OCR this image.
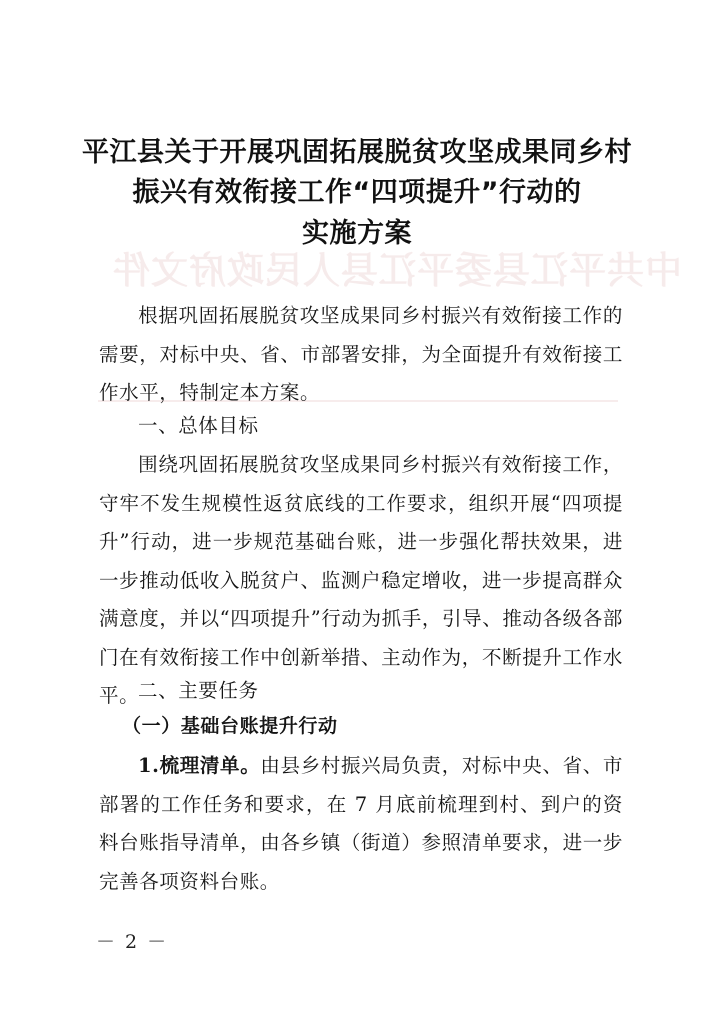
中共平江县委平江县人民政府文件
平江县关于开展巩固拓展脱贫攻坚成果同乡村
振兴有效衔接工作“四项提升”行动的
实施方案
根据巩固拓展脱贫攻坚成果同乡村振兴有效衔接工作的需要，对标中央、省、市部署安排，为全面提升有效衔接工作水平，特制定本方案。
一、总体目标
围绕巩固拓展脱贫攻坚成果同乡村振兴有效衔接工作，守牢不发生规模性返贫底线的工作要求，组织开展“四项提升”行动，进一步规范基础台账，进一步强化帮扶效果，进一步推动低收入脱贫户、监测户稳定增收，进一步提高群众满意度，并以“四项提升”行动为抓手，引导、推动各级各部门在有效衔接工作中创新举措、主动作为，不断提升工作水平。
二、主要任务
（一）基础台账提升行动
1.梳理清单。由县乡村振兴局负责，对标中央、省、市部署的工作任务和要求，在 7 月底前梳理到村、到户的资料台账指导清单，由各乡镇（街道）参照清单要求，进一步完善各项资料台账。
－ 2 －
